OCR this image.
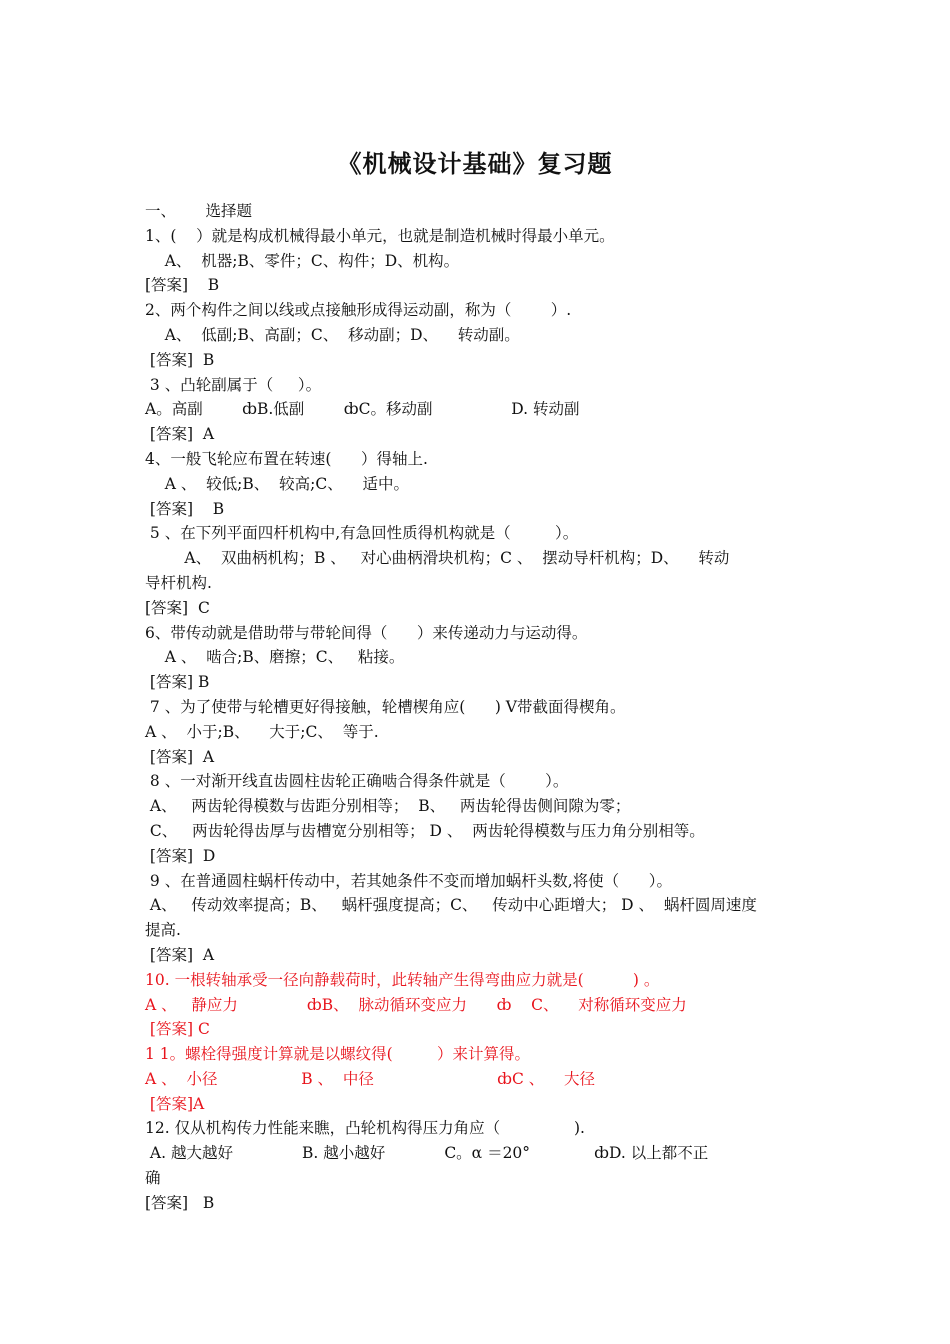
《机械设计基础》复习题
一、      选择题
1、(    ）就是构成机械得最小单元，也就是制造机械时得最小单元。
A、  机器;B、零件；C、构件；D、机构。
[答案]    B
2、两个构件之间以线或点接触形成得运动副，称为（        ）.
A、  低副;B、高副；C、  移动副；D、    转动副。
[答案]  B
3 、凸轮副属于（     ）。
A。高副        ȸB.低副        ȸC。移动副                D. 转动副
[答案]  A
4、一般飞轮应布置在转速(      ）得轴上.
A 、  较低;B、  较高;C、    适中。
[答案]    B
5 、在下列平面四杆机构中,有急回性质得机构就是（         ）。
A、  双曲柄机构；B 、   对心曲柄滑块机构；C 、  摆动导杆机构；D、    转动
导杆机构.
[答案]  C
6、带传动就是借助带与带轮间得（      ）来传递动力与运动得。
A 、  啮合;B、磨擦；C、   粘接。
[答案] B
7 、为了使带与轮槽更好得接触，轮槽楔角应(      ) V带截面得楔角。
A 、  小于;B、    大于;C、  等于.
[答案]  A
8 、一对渐开线直齿圆柱齿轮正确啮合得条件就是（        ）。
A、   两齿轮得模数与齿距分别相等；  B、   两齿轮得齿侧间隙为零；
C、   两齿轮得齿厚与齿槽宽分别相等； D 、  两齿轮得模数与压力角分别相等。
[答案]  D
9 、在普通圆柱蜗杆传动中，若其她条件不变而增加蜗杆头数,将使（      ）。
A、   传动效率提高；B、   蜗杆强度提高；C、   传动中心距增大； D 、  蜗杆圆周速度
提高.
[答案]  A
10. 一根转轴承受一径向静载荷时，此转轴产生得弯曲应力就是(          ) 。
A 、   静应力              ȸB、  脉动循环变应力      ȸ    C、    对称循环变应力
[答案] C
1 1。螺栓得强度计算就是以螺纹得(         ）来计算得。
A 、  小径                 B 、  中径                         ȸC 、    大径
[答案]A
12. 仅从机构传力性能来瞧，凸轮机构得压力角应（               ).
A. 越大越好              B. 越小越好            C。α ＝20°             ȸD. 以上都不正
确
[答案]   B
